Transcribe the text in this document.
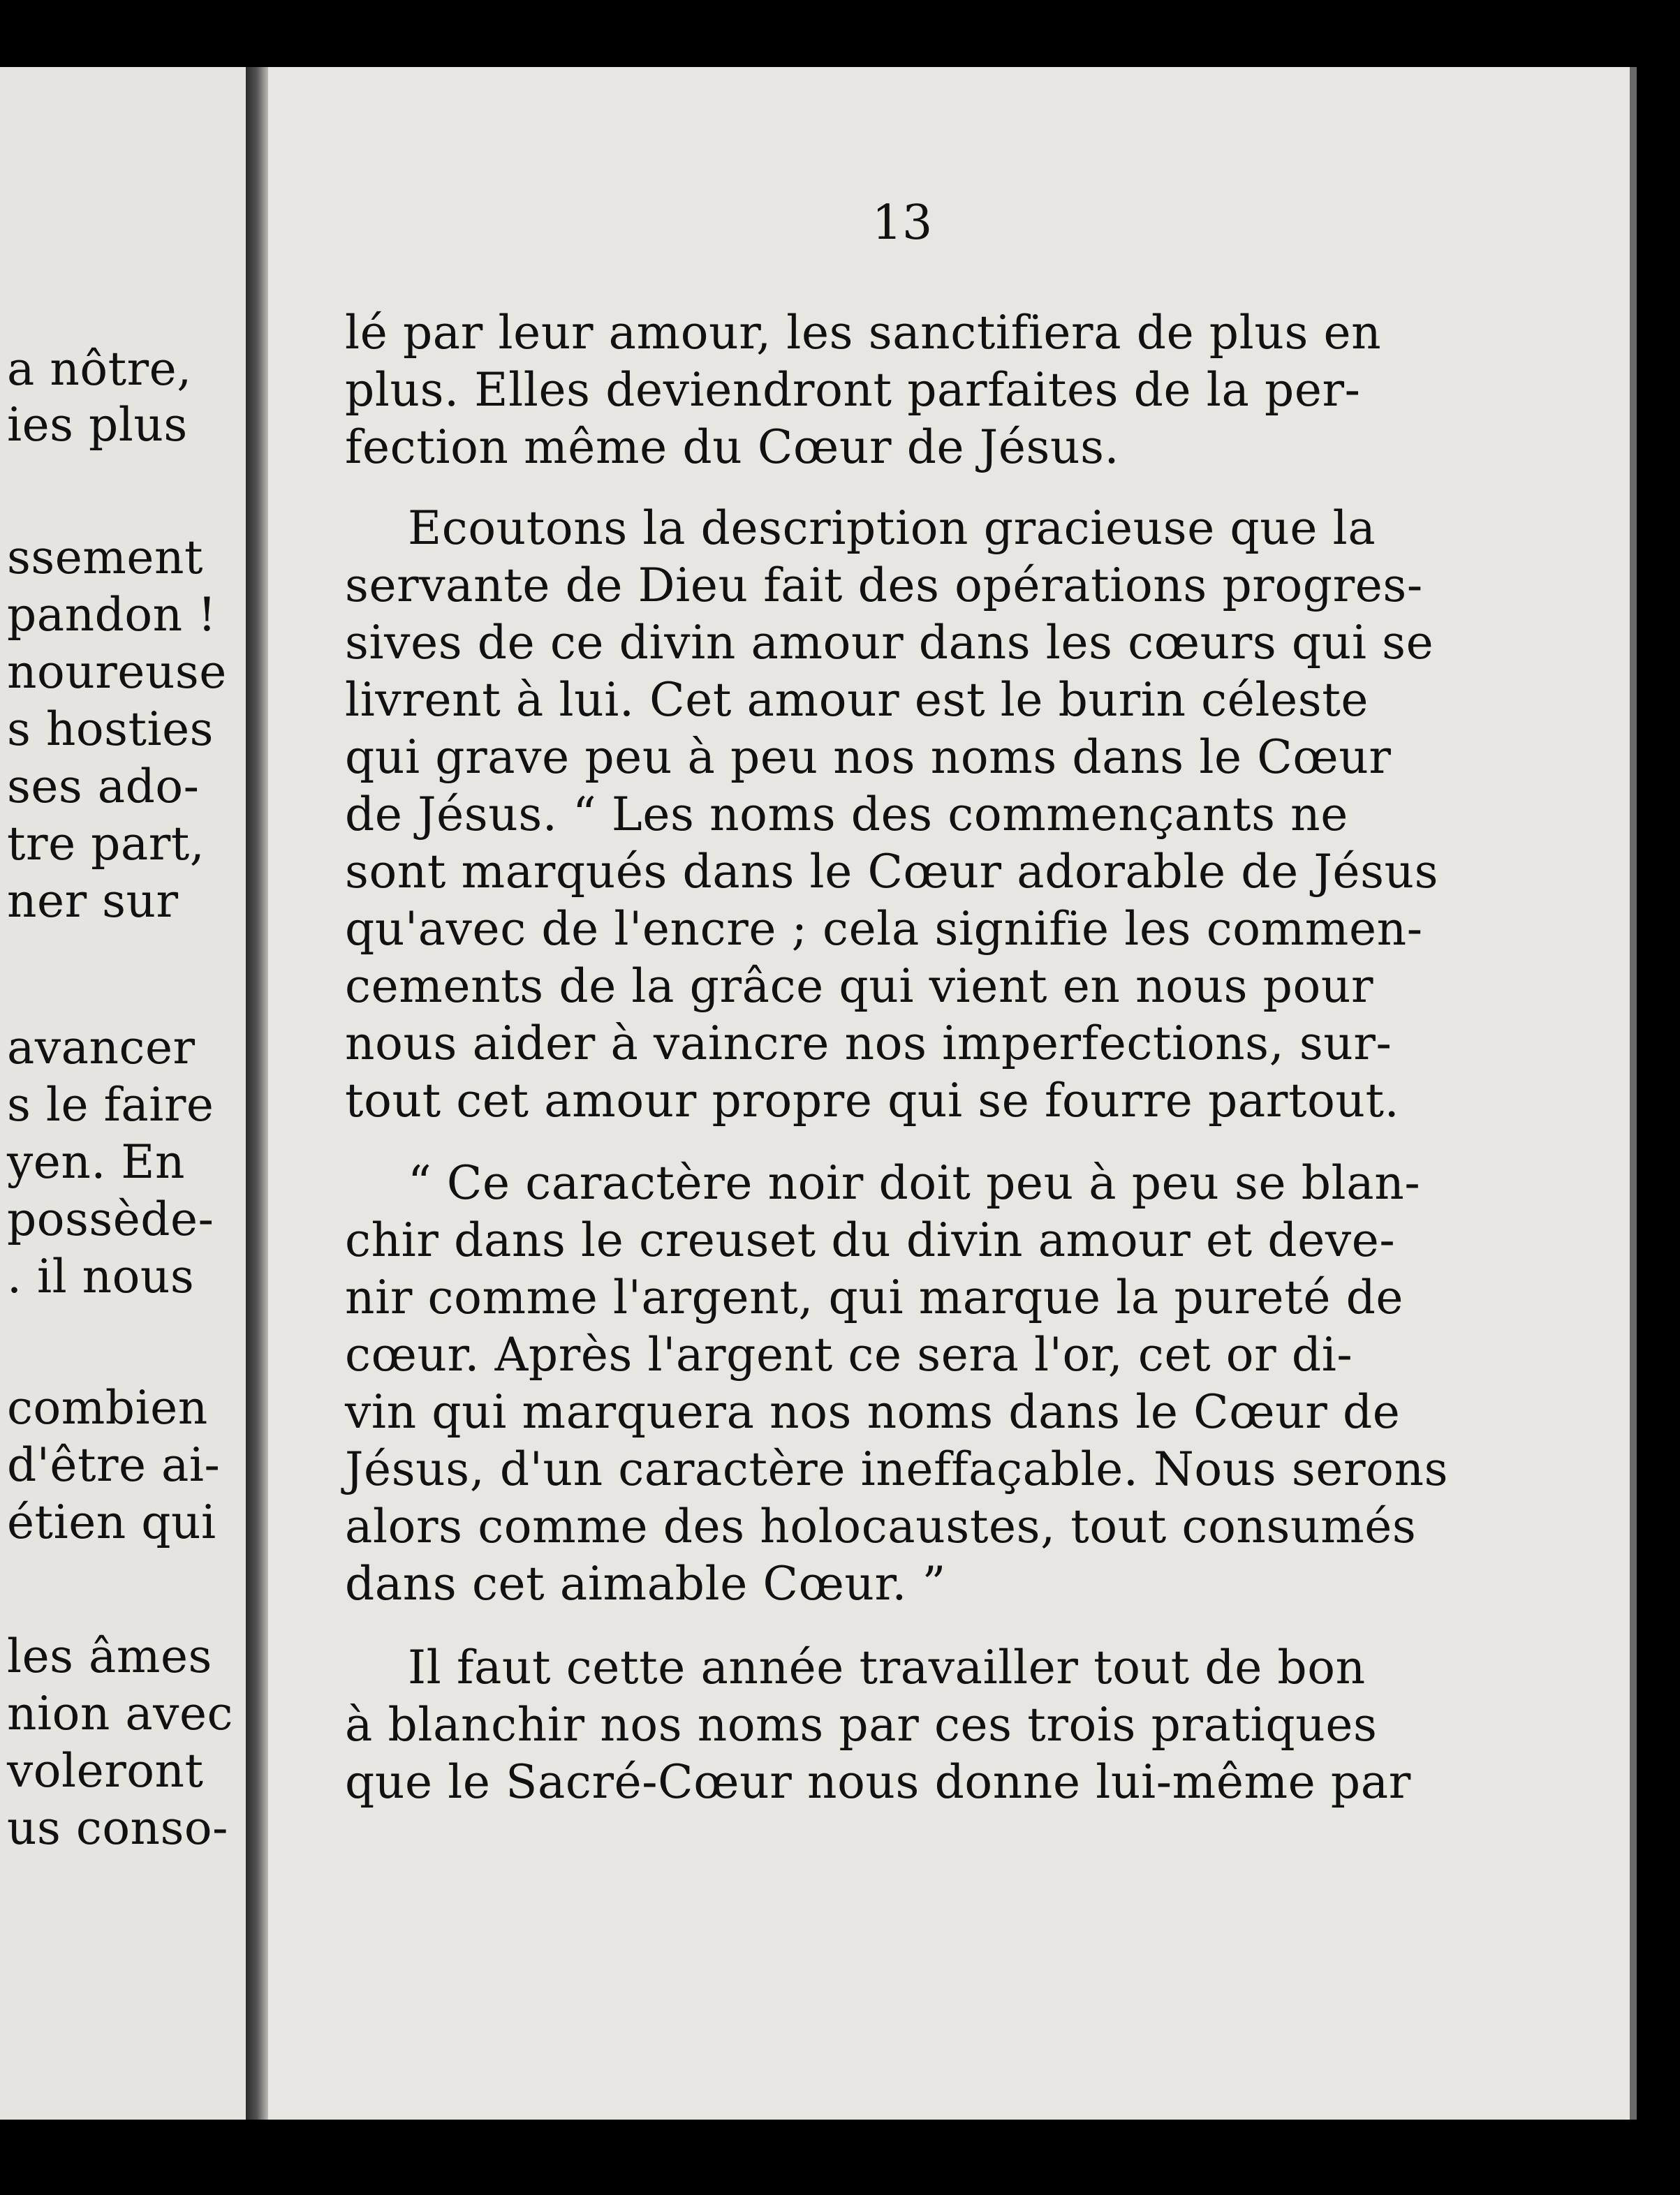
a nôtre,
ies plus
ssement
pandon !
noureuse
s hosties
ses ado-
tre part,
ner sur
avancer
s le faire
yen. En
possède-
. il nous
combien
d'être ai-
étien qui
les âmes
nion avec
voleront
us conso-
13
lé par leur amour, les sanctifiera de plus en
plus. Elles deviendront parfaites de la per-
fection même du Cœur de Jésus.
Ecoutons la description gracieuse que la
servante de Dieu fait des opérations progres-
sives de ce divin amour dans les cœurs qui se
livrent à lui. Cet amour est le burin céleste
qui grave peu à peu nos noms dans le Cœur
de Jésus. “ Les noms des commençants ne
sont marqués dans le Cœur adorable de Jésus
qu'avec de l'encre ; cela signifie les commen-
cements de la grâce qui vient en nous pour
nous aider à vaincre nos imperfections, sur-
tout cet amour propre qui se fourre partout.
“ Ce caractère noir doit peu à peu se blan-
chir dans le creuset du divin amour et deve-
nir comme l'argent, qui marque la pureté de
cœur. Après l'argent ce sera l'or, cet or di-
vin qui marquera nos noms dans le Cœur de
Jésus, d'un caractère ineffaçable. Nous serons
alors comme des holocaustes, tout consumés
dans cet aimable Cœur. ”
Il faut cette année travailler tout de bon
à blanchir nos noms par ces trois pratiques
que le Sacré-Cœur nous donne lui-même par
